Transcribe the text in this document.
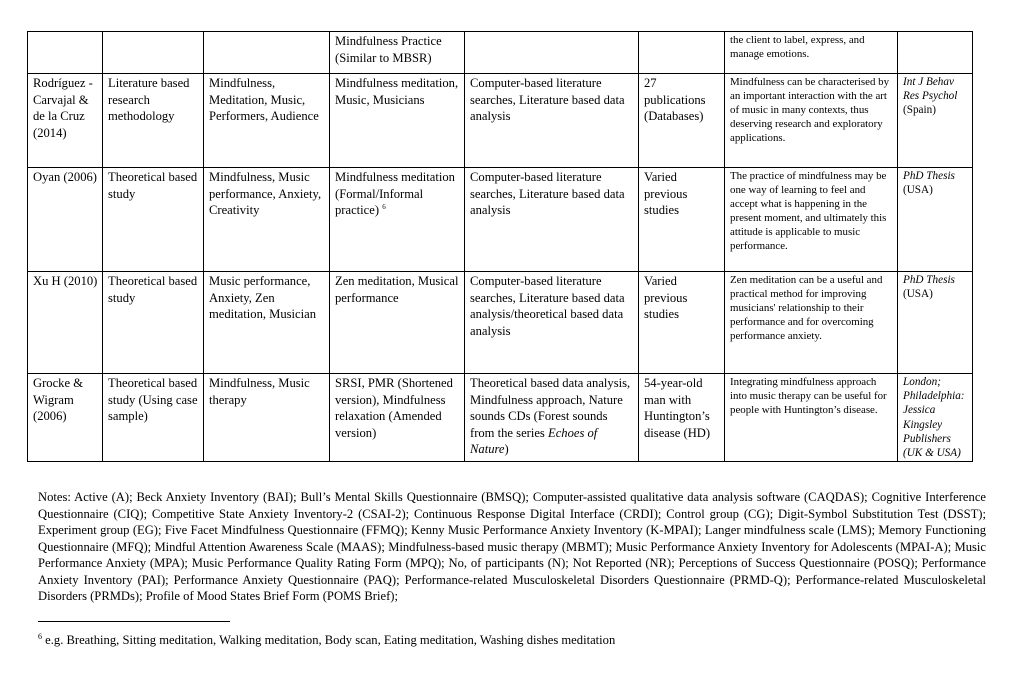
			Mindfulness Practice (Similar to MBSR)			the client to label, express, and manage emotions.	
Rodríguez - Carvajal & de la Cruz (2014)	Literature based research methodology	Mindfulness, Meditation, Music, Performers, Audience	Mindfulness meditation, Music, Musicians	Computer-based literature searches, Literature based data analysis	27 publications (Databases)	Mindfulness can be characterised by an important interaction with the art of music in many contexts, thus deserving research and exploratory applications.	Int J Behav Res Psychol
(Spain)
Oyan (2006)	Theoretical based study	Mindfulness, Music performance, Anxiety, Creativity	Mindfulness meditation (Formal/Informal practice) $^6$	Computer-based literature searches, Literature based data analysis	Varied previous studies	The practice of mindfulness may be one way of learning to feel and accept what is happening in the present moment, and ultimately this attitude is applicable to music performance.	PhD Thesis
(USA)
Xu H (2010)	Theoretical based study	Music performance, Anxiety, Zen meditation, Musician	Zen meditation, Musical performance	Computer-based literature searches, Literature based data analysis/theoretical based data analysis	Varied previous studies	Zen meditation can be a useful and practical method for improving musicians' relationship to their performance and for overcoming performance anxiety.	PhD Thesis
(USA)
Grocke & Wigram (2006)	Theoretical based study (Using case sample)	Mindfulness, Music therapy	SRSI, PMR (Shortened version), Mindfulness relaxation (Amended version)	Theoretical based data analysis, Mindfulness approach, Nature sounds CDs (Forest sounds from the series Echoes of Nature)	54-year-old man with Huntington’s disease (HD)	Integrating mindfulness approach into music therapy can be useful for people with Huntington’s disease.	London; Philadelphia: Jessica Kingsley Publishers
(UK & USA)

Notes: Active (A); Beck Anxiety Inventory (BAI); Bull’s Mental Skills Questionnaire (BMSQ); Computer-assisted qualitative data analysis software (CAQDAS); Cognitive Interference Questionnaire (CIQ); Competitive State Anxiety Inventory-2 (CSAI-2); Continuous Response Digital Interface (CRDI); Control group (CG); Digit-Symbol Substitution Test (DSST); Experiment group (EG); Five Facet Mindfulness Questionnaire (FFMQ); Kenny Music Performance Anxiety Inventory (K-MPAI); Langer mindfulness scale (LMS); Memory Functioning Questionnaire (MFQ); Mindful Attention Awareness Scale (MAAS); Mindfulness-based music therapy (MBMT); Music Performance Anxiety Inventory for Adolescents (MPAI-A); Music Performance Anxiety (MPA); Music Performance Quality Rating Form (MPQ); No, of participants (N); Not Reported (NR); Perceptions of Success Questionnaire (POSQ); Performance Anxiety Inventory (PAI); Performance Anxiety Questionnaire (PAQ); Performance-related Musculoskeletal Disorders Questionnaire (PRMD-Q); Performance-related Musculoskeletal Disorders (PRMDs); Profile of Mood States Brief Form (POMS Brief);

$^6$ e.g. Breathing, Sitting meditation, Walking meditation, Body scan, Eating meditation, Washing dishes meditation
